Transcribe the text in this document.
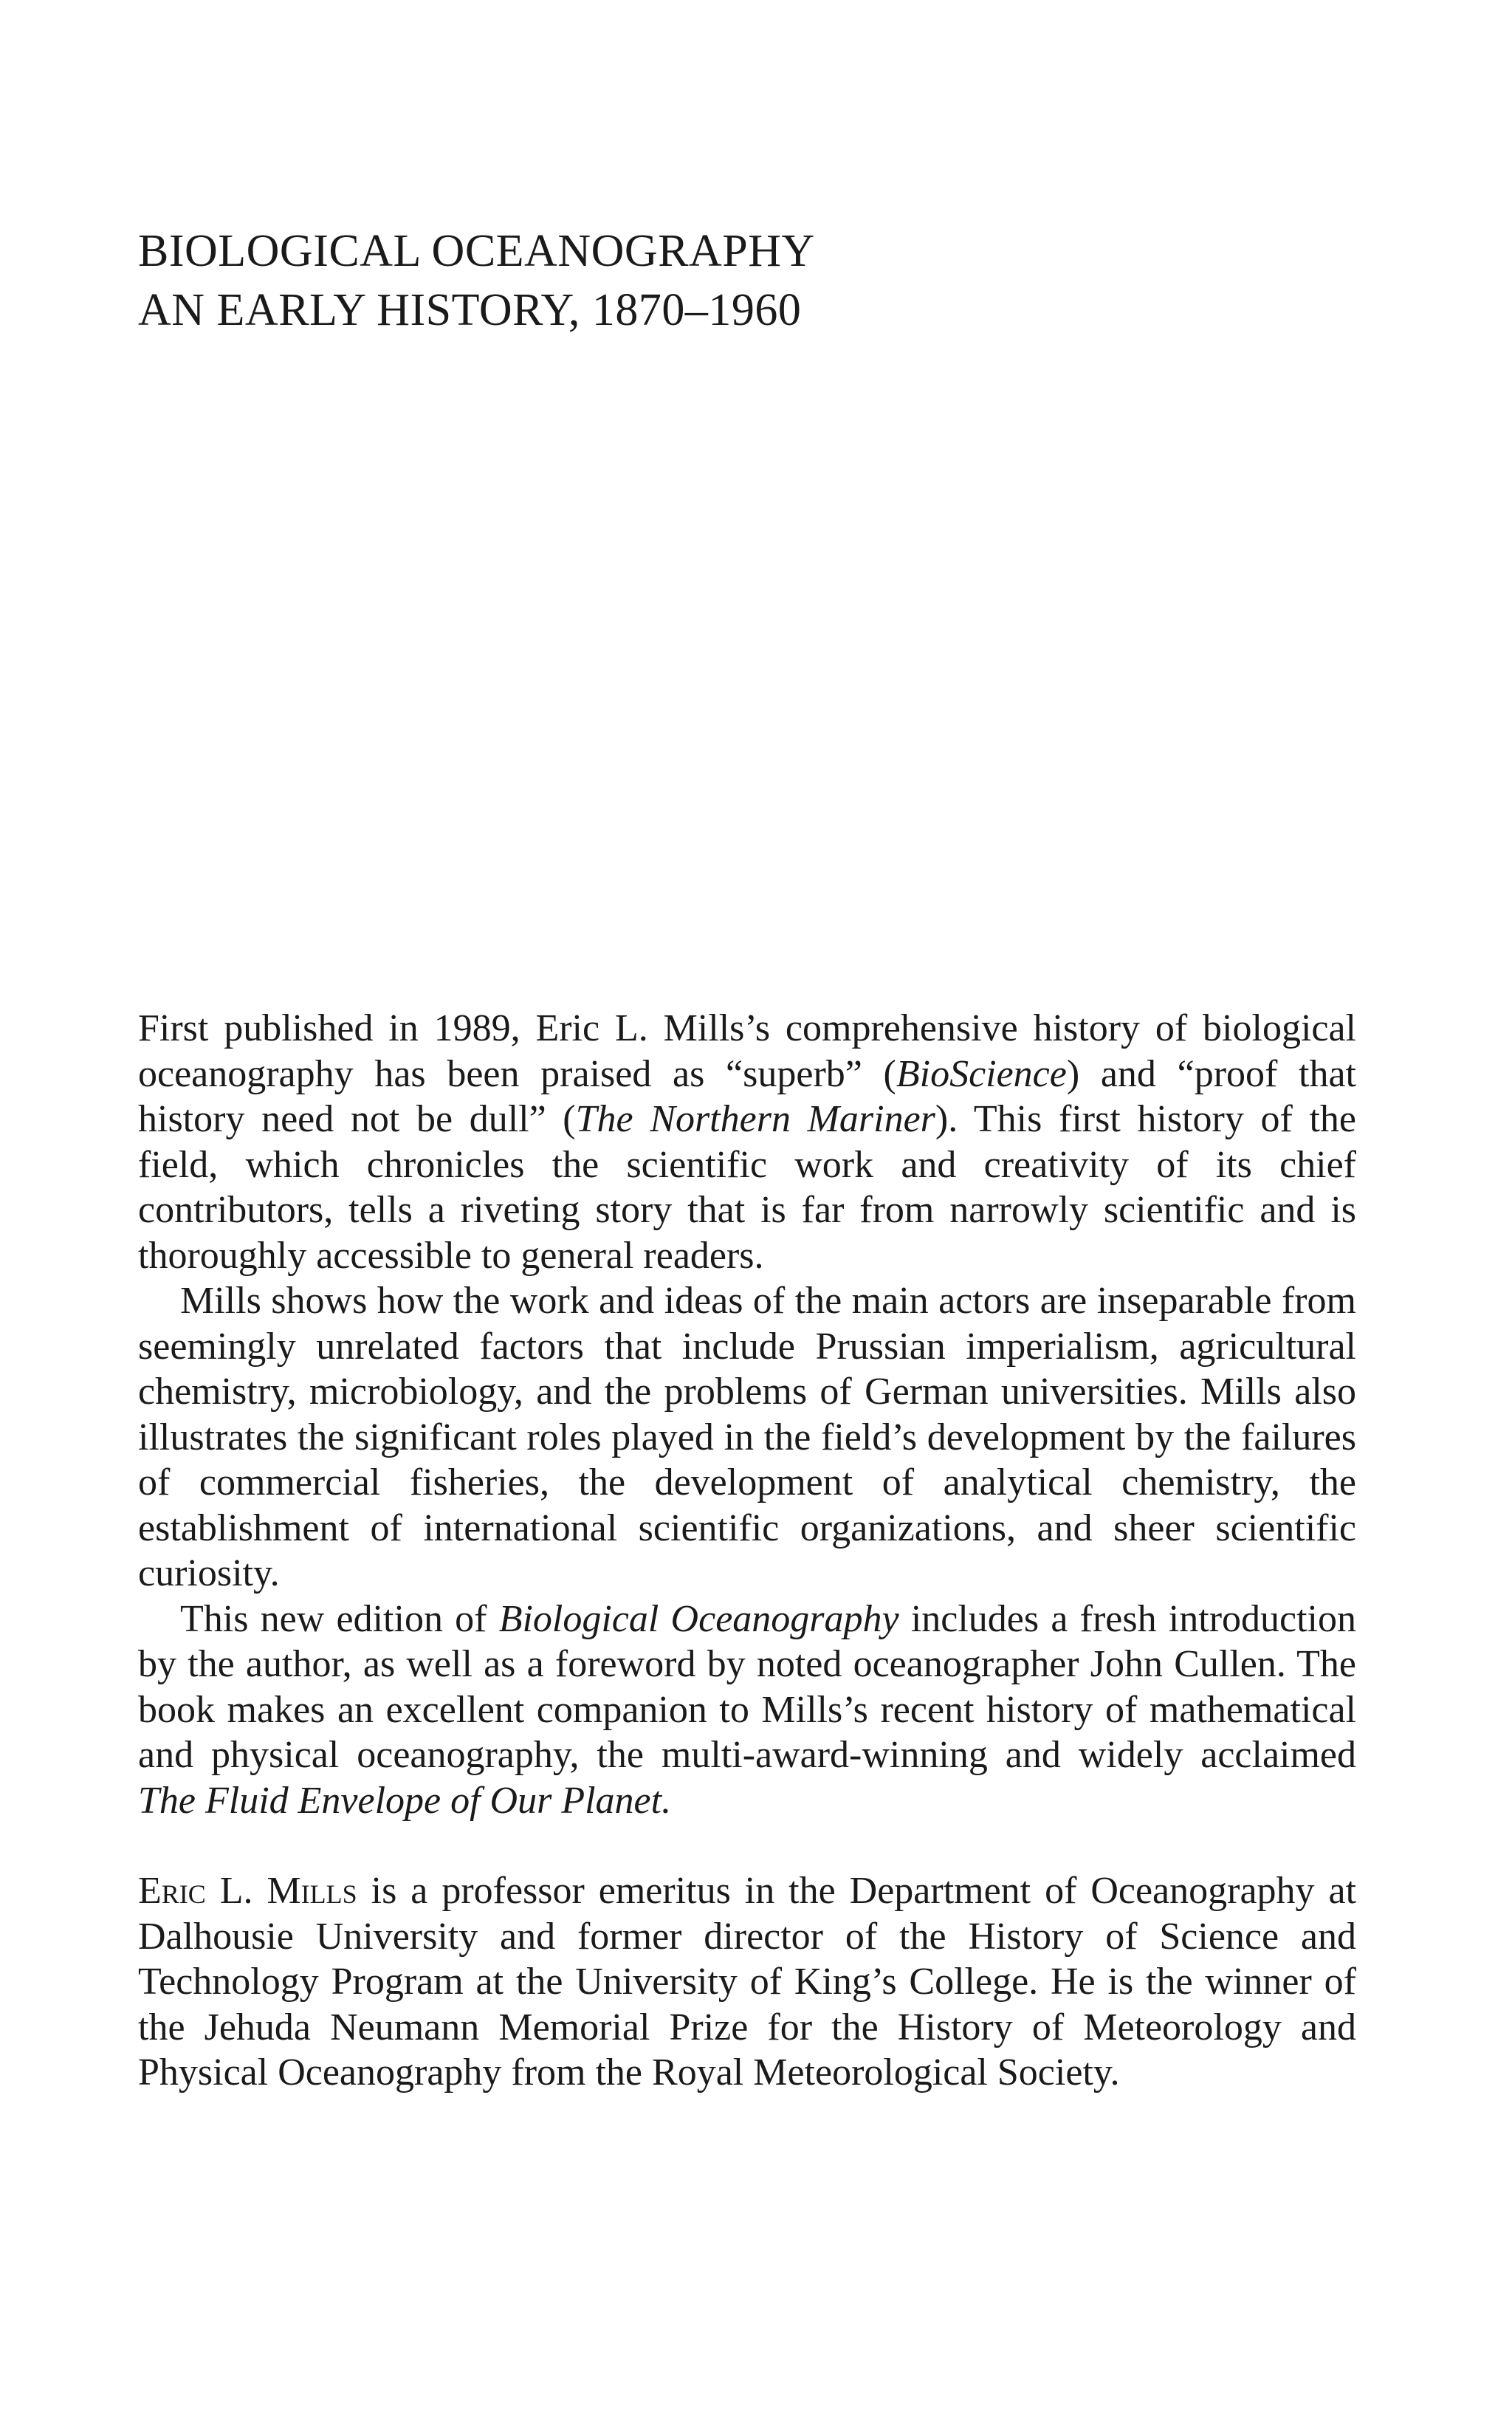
BIOLOGICAL OCEANOGRAPHY
AN EARLY HISTORY, 1870–1960

First published in 1989, Eric L. Mills’s comprehensive history of biological oceanography has been praised as “superb” (BioScience) and “proof that history need not be dull” (The Northern Mariner). This first history of the field, which chronicles the scientific work and creativity of its chief contributors, tells a riveting story that is far from narrowly scientific and is thoroughly accessible to general readers.

Mills shows how the work and ideas of the main actors are inseparable from seemingly unrelated factors that include Prussian imperialism, agricultural chemistry, microbiology, and the problems of German universities. Mills also illustrates the significant roles played in the field’s development by the failures of commercial fisheries, the development of analytical chemistry, the establishment of international scientific organizations, and sheer scientific curiosity.

This new edition of Biological Oceanography includes a fresh introduction by the author, as well as a foreword by noted oceanographer John Cullen. The book makes an excellent companion to Mills’s recent history of mathematical and physical oceanography, the multi-award-winning and widely acclaimed The Fluid Envelope of Our Planet.

Eric L. Mills is a professor emeritus in the Department of Oceanography at Dalhousie University and former director of the History of Science and Technology Program at the University of King’s College. He is the winner of the Jehuda Neumann Memorial Prize for the History of Meteorology and Physical Oceanography from the Royal Meteorological Society.
